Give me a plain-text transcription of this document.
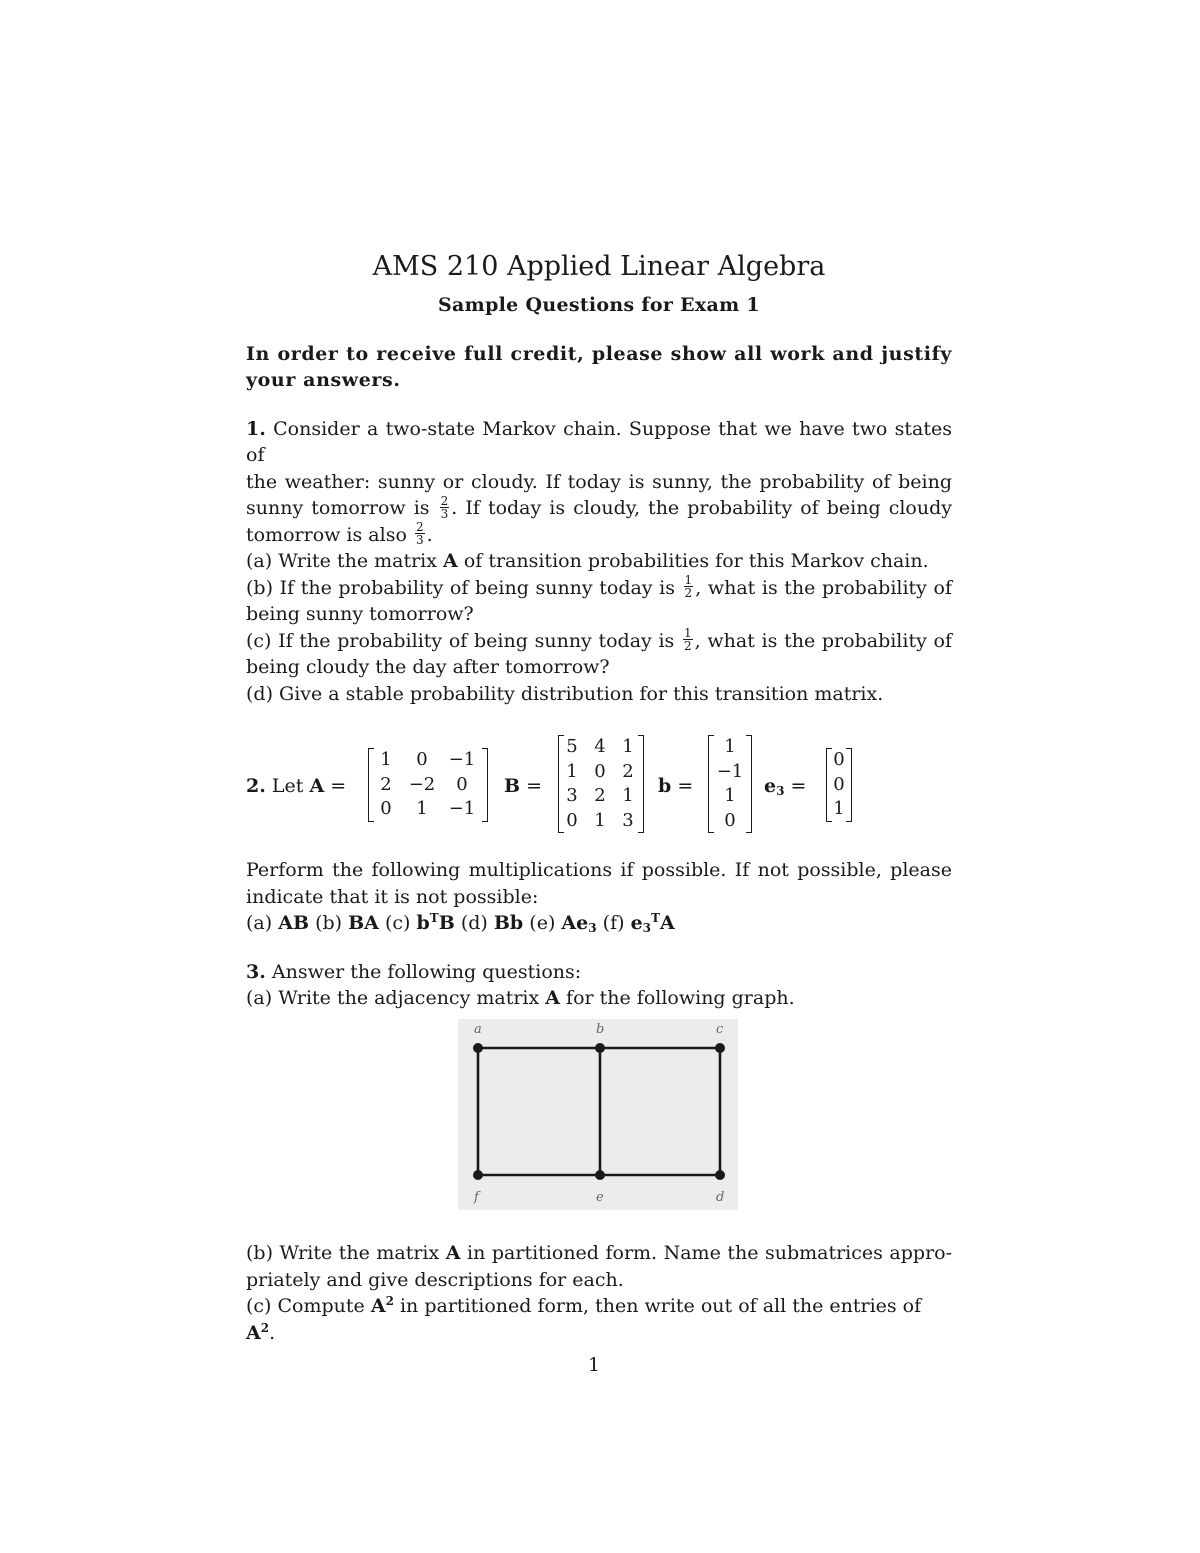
AMS 210 Applied Linear Algebra
Sample Questions for Exam 1
In order to receive full credit, please show all work and justify your answers.
1. Consider a two-state Markov chain. Suppose that we have two states of
the weather: sunny or cloudy. If today is sunny, the probability of being
sunny tomorrow is $\frac{2}{3}$ . If today is cloudy, the probability of being cloudy
tomorrow is also $\frac{2}{3}$ .
(a) Write the matrix A of transition probabilities for this Markov chain.
(b) If the probability of being sunny today is $\frac{1}{2}$ , what is the probability of
being sunny tomorrow?
(c) If the probability of being sunny today is $\frac{1}{2}$ , what is the probability of
being cloudy the day after tomorrow?
(d) Give a stable probability distribution for this transition matrix.
2. Let A =
1	0	−1
2 −2	0
0	1	−1
B =
5 4 1
1 0 2
3 2 1
0 1 3
b =
1
−1
1
0
$e_3$ =
0
0
1
Perform the following multiplications if possible. If not possible, please
indicate that it is not possible:
(a) AB (b) BA (c) $b^TB$ (d) Bb (e) $Ae_3$ (f) $e_3^TA$
3. Answer the following questions:
(a) Write the adjacency matrix A for the following graph.
a	b	c
f	e	d
(b) Write the matrix A in partitioned form. Name the submatrices appro-
priately and give descriptions for each.
(c) Compute $A^2$ in partitioned form, then write out of all the entries of $A^2$.
1
